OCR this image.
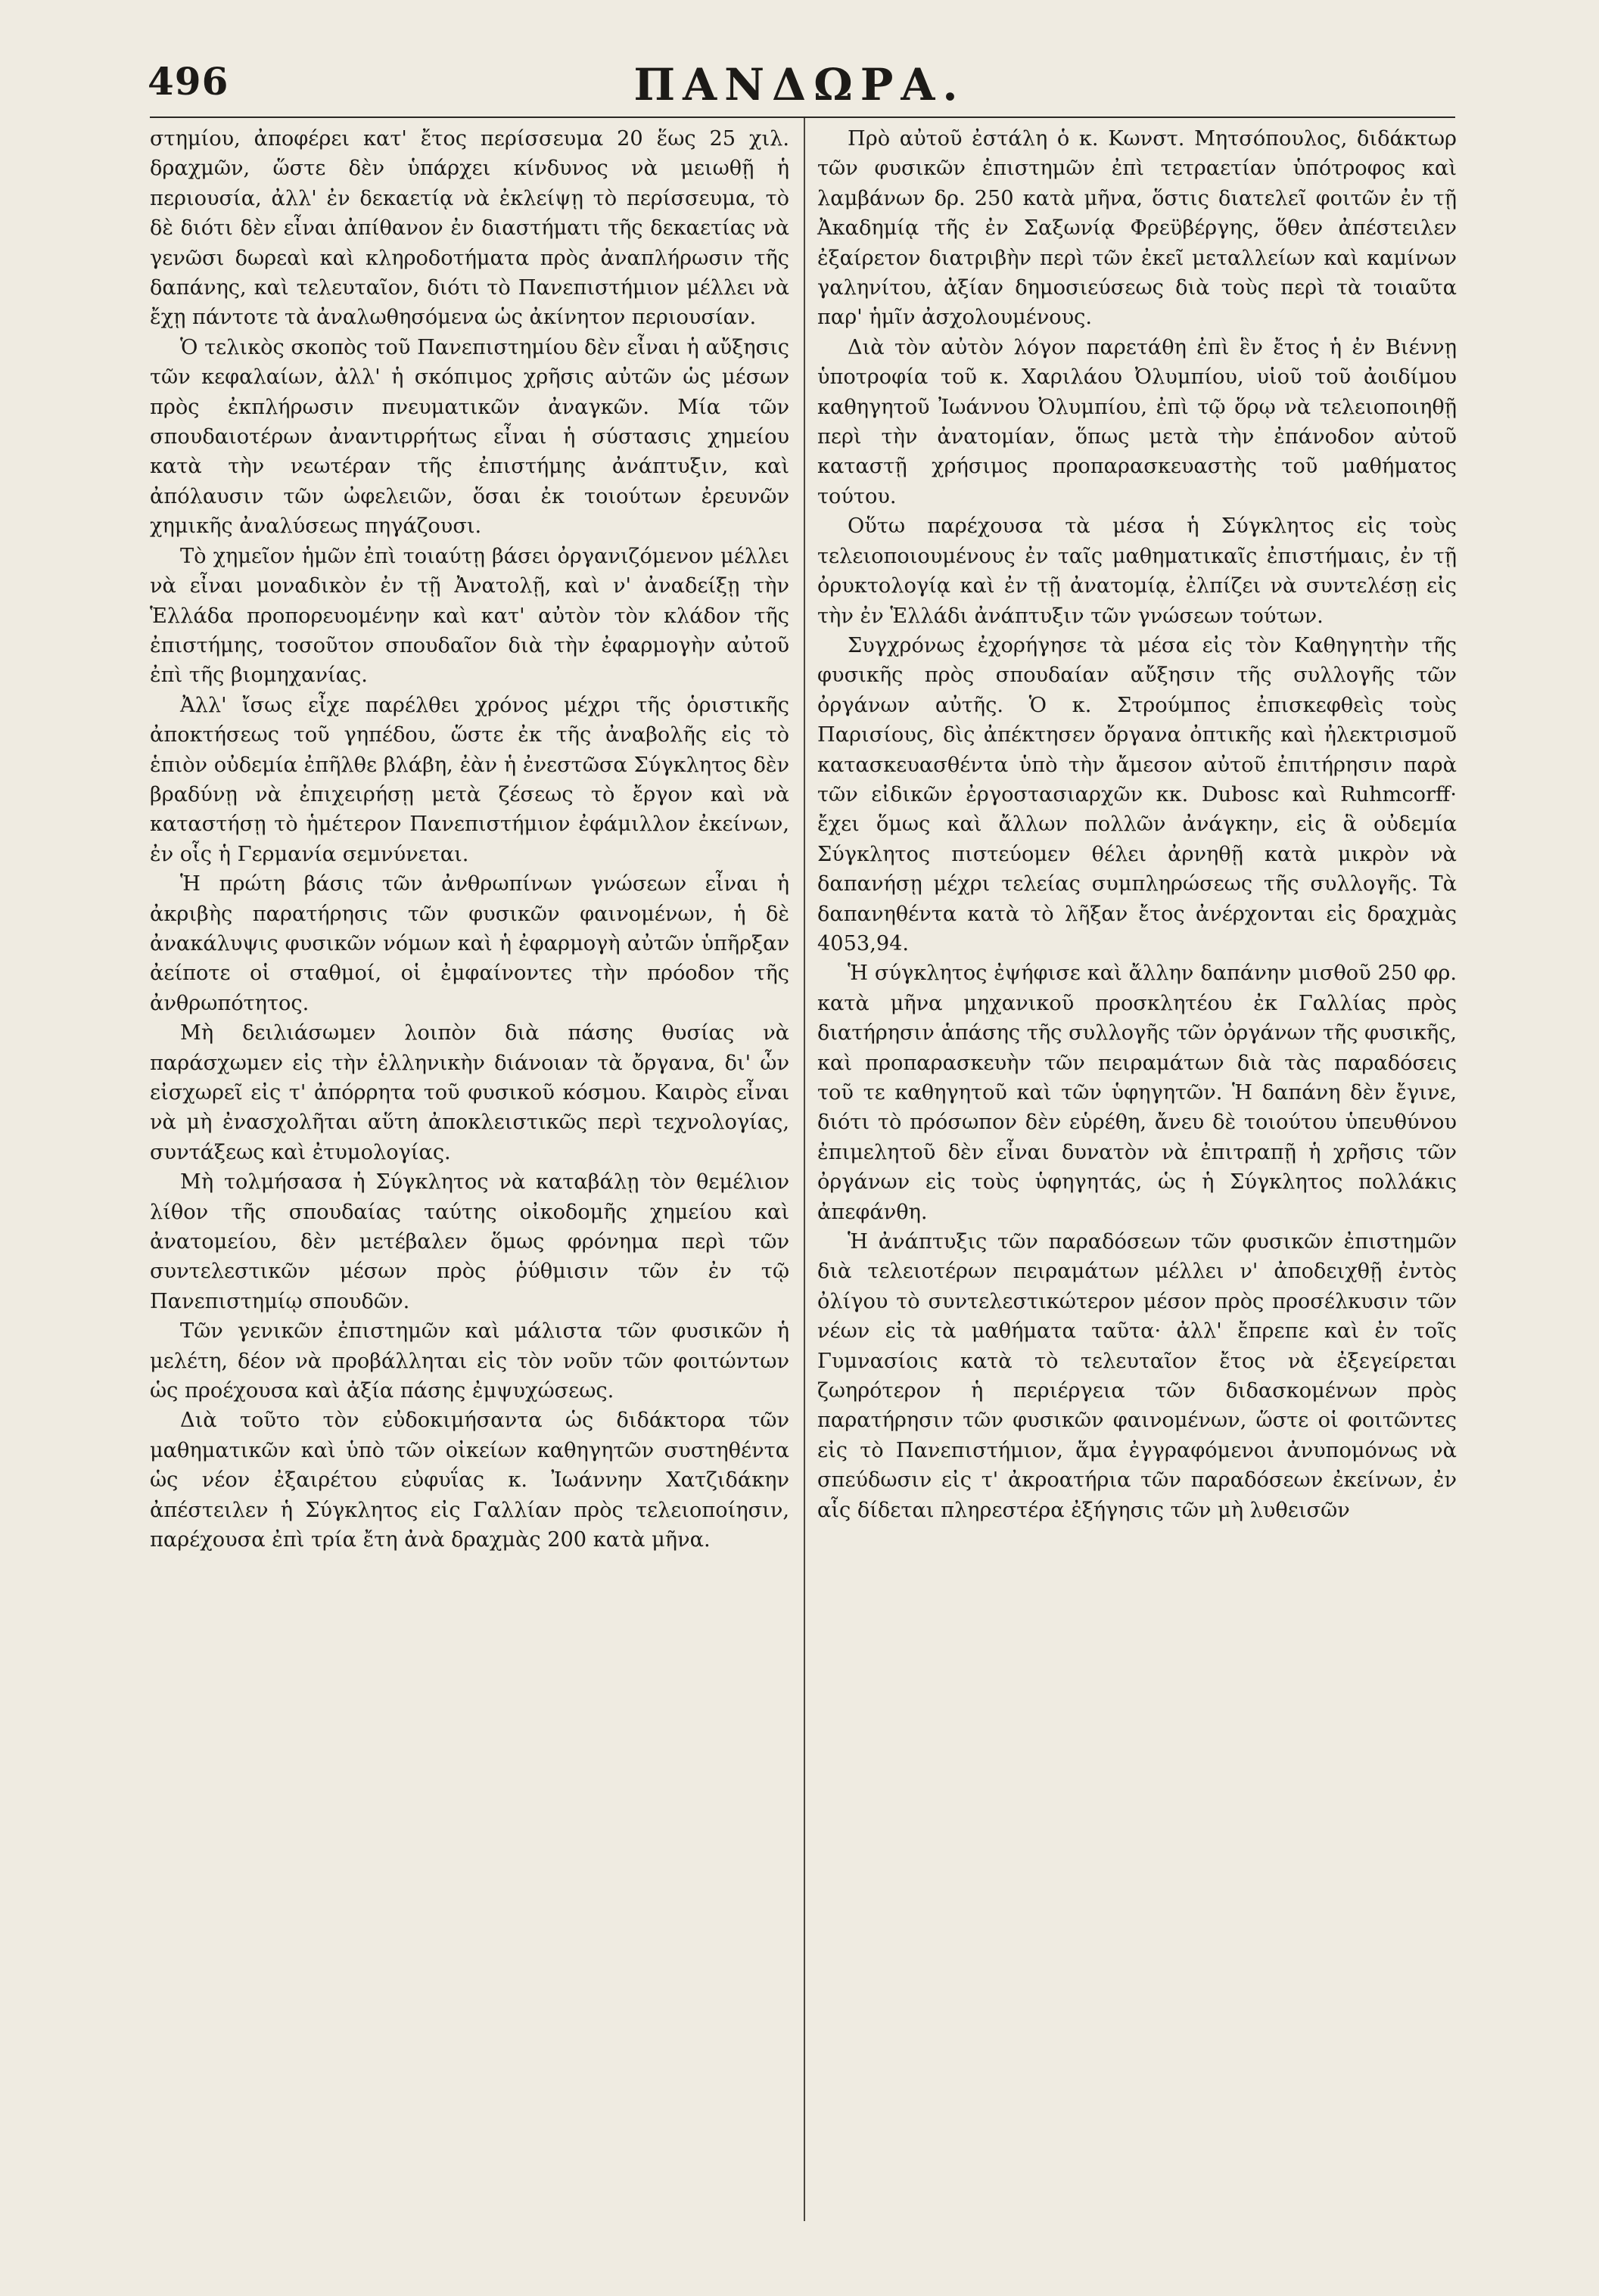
496	ΠΑΝΔΩΡΑ.

στημίου, ἀποφέρει κατ' ἔτος περίσσευμα 20 ἕως 25 χιλ. δραχμῶν, ὥστε δὲν ὑπάρχει κίνδυνος νὰ μειωθῇ ἡ περιουσία, ἀλλ' ἐν δεκαετίᾳ νὰ ἐκλείψῃ τὸ περίσσευμα, τὸ δὲ διότι δὲν εἶναι ἀπίθανον ἐν διαστήματι τῆς δεκαετίας νὰ γενῶσι δωρεαὶ καὶ κληροδοτήματα πρὸς ἀναπλήρωσιν τῆς δαπάνης, καὶ τελευταῖον, διότι τὸ Πανεπιστήμιον μέλλει νὰ ἔχῃ πάντοτε τὰ ἀναλωθησόμενα ὡς ἀκίνητον περιουσίαν.

Ὁ τελικὸς σκοπὸς τοῦ Πανεπιστημίου δὲν εἶναι ἡ αὔξησις τῶν κεφαλαίων, ἀλλ' ἡ σκόπιμος χρῆσις αὐτῶν ὡς μέσων πρὸς ἐκπλήρωσιν πνευματικῶν ἀναγκῶν. Μία τῶν σπουδαιοτέρων ἀναντιρρήτως εἶναι ἡ σύστασις χημείου κατὰ τὴν νεωτέραν τῆς ἐπιστήμης ἀνάπτυξιν, καὶ ἀπόλαυσιν τῶν ὠφελειῶν, ὅσαι ἐκ τοιούτων ἐρευνῶν χημικῆς ἀναλύσεως πηγάζουσι.

Τὸ χημεῖον ἡμῶν ἐπὶ τοιαύτῃ βάσει ὀργανιζόμενον μέλλει νὰ εἶναι μοναδικὸν ἐν τῇ Ἀνατολῇ, καὶ ν' ἀναδείξῃ τὴν Ἑλλάδα προπορευομένην καὶ κατ' αὐτὸν τὸν κλάδον τῆς ἐπιστήμης, τοσοῦτον σπουδαῖον διὰ τὴν ἐφαρμογὴν αὐτοῦ ἐπὶ τῆς βιομηχανίας.

Ἀλλ' ἴσως εἶχε παρέλθει χρόνος μέχρι τῆς ὁριστικῆς ἀποκτήσεως τοῦ γηπέδου, ὥστε ἐκ τῆς ἀναβολῆς εἰς τὸ ἑπιὸν οὐδεμία ἐπῆλθε βλάβη, ἐὰν ἡ ἐνεστῶσα Σύγκλητος δὲν βραδύνῃ νὰ ἐπιχειρήσῃ μετὰ ζέσεως τὸ ἔργον καὶ νὰ καταστήσῃ τὸ ἡμέτερον Πανεπιστήμιον ἐφάμιλλον ἐκείνων, ἐν οἷς ἡ Γερμανία σεμνύνεται.

Ἡ πρώτη βάσις τῶν ἀνθρωπίνων γνώσεων εἶναι ἡ ἀκριβὴς παρατήρησις τῶν φυσικῶν φαινομένων, ἡ δὲ ἀνακάλυψις φυσικῶν νόμων καὶ ἡ ἐφαρμογὴ αὐτῶν ὑπῆρξαν ἀείποτε οἱ σταθμοί, οἱ ἐμφαίνοντες τὴν πρόοδον τῆς ἀνθρωπότητος.

Μὴ δειλιάσωμεν λοιπὸν διὰ πάσης θυσίας νὰ παράσχωμεν εἰς τὴν ἑλληνικὴν διάνοιαν τὰ ὄργανα, δι' ὧν εἰσχωρεῖ εἰς τ' ἀπόρρητα τοῦ φυσικοῦ κόσμου. Καιρὸς εἶναι νὰ μὴ ἐνασχολῆται αὕτη ἀποκλειστικῶς περὶ τεχνολογίας, συντάξεως καὶ ἐτυμολογίας.

Μὴ τολμήσασα ἡ Σύγκλητος νὰ καταβάλῃ τὸν θεμέλιον λίθον τῆς σπουδαίας ταύτης οἰκοδομῆς χημείου καὶ ἀνατομείου, δὲν μετέβαλεν ὅμως φρόνημα περὶ τῶν συντελεστικῶν μέσων πρὸς ῥύθμισιν τῶν ἐν τῷ Πανεπιστημίῳ σπουδῶν.

Τῶν γενικῶν ἐπιστημῶν καὶ μάλιστα τῶν φυσικῶν ἡ μελέτη, δέον νὰ προβάλληται εἰς τὸν νοῦν τῶν φοιτώντων ὡς προέχουσα καὶ ἀξία πάσης ἐμψυχώσεως.

Διὰ τοῦτο τὸν εὐδοκιμήσαντα ὡς διδάκτορα τῶν μαθηματικῶν καὶ ὑπὸ τῶν οἰκείων καθηγητῶν συστηθέντα ὡς νέον ἐξαιρέτου εὐφυΐας κ. Ἰωάννην Χατζιδάκην ἀπέστειλεν ἡ Σύγκλητος εἰς Γαλλίαν πρὸς τελειοποίησιν, παρέχουσα ἐπὶ τρία ἔτη ἀνὰ δραχμὰς 200 κατὰ μῆνα.

Πρὸ αὐτοῦ ἐστάλη ὁ κ. Κωνστ. Μητσόπουλος, διδάκτωρ τῶν φυσικῶν ἐπιστημῶν ἐπὶ τετραετίαν ὑπότροφος καὶ λαμβάνων δρ. 250 κατὰ μῆνα, ὅστις διατελεῖ φοιτῶν ἐν τῇ Ἀκαδημίᾳ τῆς ἐν Σαξωνίᾳ Φρεϋβέργης, ὅθεν ἀπέστειλεν ἐξαίρετον διατριβὴν περὶ τῶν ἐκεῖ μεταλλείων καὶ καμίνων γαληνίτου, ἀξίαν δημοσιεύσεως διὰ τοὺς περὶ τὰ τοιαῦτα παρ' ἡμῖν ἀσχολουμένους.

Διὰ τὸν αὐτὸν λόγον παρετάθη ἐπὶ ἓν ἔτος ἡ ἐν Βιέννῃ ὑποτροφία τοῦ κ. Χαριλάου Ὀλυμπίου, υἱοῦ τοῦ ἀοιδίμου καθηγητοῦ Ἰωάννου Ὀλυμπίου, ἐπὶ τῷ ὅρῳ νὰ τελειοποιηθῇ περὶ τὴν ἀνατομίαν, ὅπως μετὰ τὴν ἐπάνοδον αὐτοῦ καταστῇ χρήσιμος προπαρασκευαστὴς τοῦ μαθήματος τούτου.

Οὕτω παρέχουσα τὰ μέσα ἡ Σύγκλητος εἰς τοὺς τελειοποιουμένους ἐν ταῖς μαθηματικαῖς ἐπιστήμαις, ἐν τῇ ὀρυκτολογίᾳ καὶ ἐν τῇ ἀνατομίᾳ, ἐλπίζει νὰ συντελέσῃ εἰς τὴν ἐν Ἑλλάδι ἀνάπτυξιν τῶν γνώσεων τούτων.

Συγχρόνως ἐχορήγησε τὰ μέσα εἰς τὸν Καθηγητὴν τῆς φυσικῆς πρὸς σπουδαίαν αὔξησιν τῆς συλλογῆς τῶν ὀργάνων αὐτῆς. Ὁ κ. Στρούμπος ἐπισκεφθεὶς τοὺς Παρισίους, δὶς ἀπέκτησεν ὄργανα ὀπτικῆς καὶ ἠλεκτρισμοῦ κατασκευασθέντα ὑπὸ τὴν ἄμεσον αὐτοῦ ἐπιτήρησιν παρὰ τῶν εἰδικῶν ἐργοστασιαρχῶν κκ. Dubosc καὶ Ruhmcorff· ἔχει ὅμως καὶ ἄλλων πολλῶν ἀνάγκην, εἰς ἃ οὐδεμία Σύγκλητος πιστεύομεν θέλει ἀρνηθῇ κατὰ μικρὸν νὰ δαπανήσῃ μέχρι τελείας συμπληρώσεως τῆς συλλογῆς. Τὰ δαπανηθέντα κατὰ τὸ λῆξαν ἔτος ἀνέρχονται εἰς δραχμὰς 4053,94.

Ἡ σύγκλητος ἐψήφισε καὶ ἄλλην δαπάνην μισθοῦ 250 φρ. κατὰ μῆνα μηχανικοῦ προσκλητέου ἐκ Γαλλίας πρὸς διατήρησιν ἁπάσης τῆς συλλογῆς τῶν ὀργάνων τῆς φυσικῆς, καὶ προπαρασκευὴν τῶν πειραμάτων διὰ τὰς παραδόσεις τοῦ τε καθηγητοῦ καὶ τῶν ὑφηγητῶν. Ἡ δαπάνη δὲν ἔγινε, διότι τὸ πρόσωπον δὲν εὑρέθη, ἄνευ δὲ τοιούτου ὑπευθύνου ἐπιμελητοῦ δὲν εἶναι δυνατὸν νὰ ἐπιτραπῇ ἡ χρῆσις τῶν ὀργάνων εἰς τοὺς ὑφηγητάς, ὡς ἡ Σύγκλητος πολλάκις ἀπεφάνθη.

Ἡ ἀνάπτυξις τῶν παραδόσεων τῶν φυσικῶν ἐπιστημῶν διὰ τελειοτέρων πειραμάτων μέλλει ν' ἀποδειχθῇ ἐντὸς ὀλίγου τὸ συντελεστικώτερον μέσον πρὸς προσέλκυσιν τῶν νέων εἰς τὰ μαθήματα ταῦτα· ἀλλ' ἔπρεπε καὶ ἐν τοῖς Γυμνασίοις κατὰ τὸ τελευταῖον ἔτος νὰ ἐξεγείρεται ζωηρότερον ἡ περιέργεια τῶν διδασκομένων πρὸς παρατήρησιν τῶν φυσικῶν φαινομένων, ὥστε οἱ φοιτῶντες εἰς τὸ Πανεπιστήμιον, ἅμα ἐγγραφόμενοι ἀνυπομόνως νὰ σπεύδωσιν εἰς τ' ἀκροατήρια τῶν παραδόσεων ἐκείνων, ἐν αἷς δίδεται πληρεστέρα ἐξήγησις τῶν μὴ λυθεισῶν
